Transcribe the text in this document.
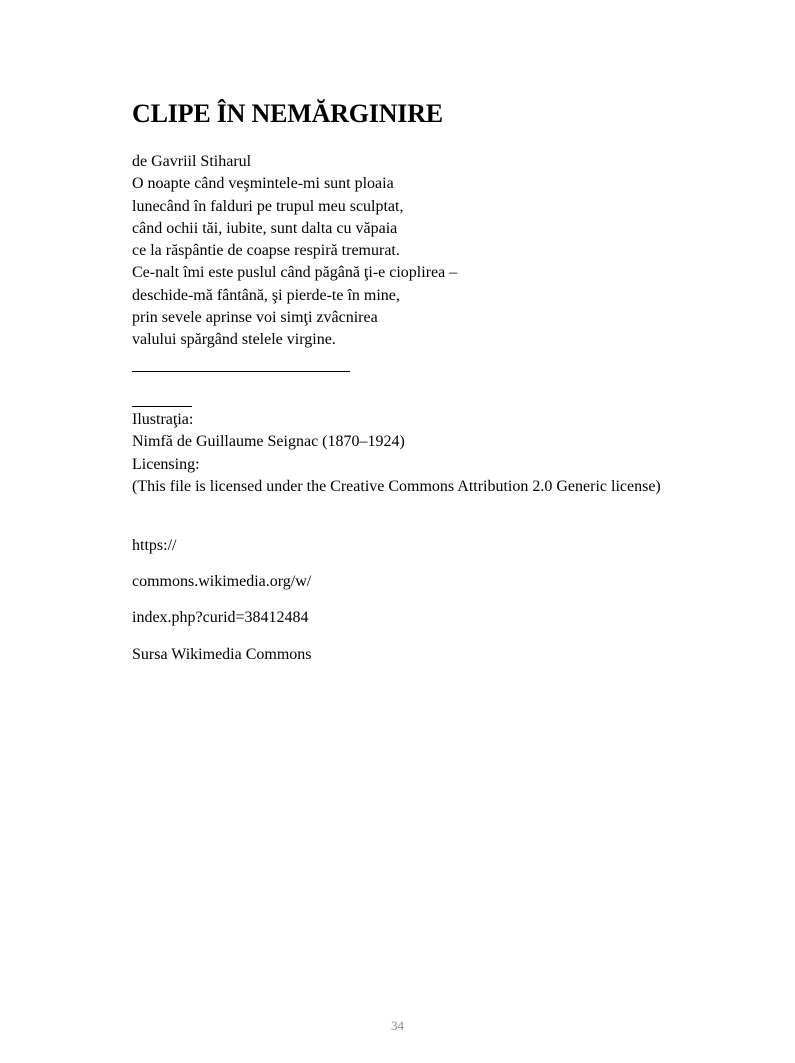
CLIPE ÎN NEMĂRGINIRE
de Gavriil Stiharul
O noapte când veşmintele-mi sunt ploaia
lunecând în falduri pe trupul meu sculptat,
când ochii tăi, iubite, sunt dalta cu văpaia
ce la răspântie de coapse respiră tremurat.
Ce-nalt îmi este puslul când păgână ţi-e cioplirea –
deschide-mă fântână, şi pierde-te în mine,
prin sevele aprinse voi simţi zvâcnirea
valului spărgând stelele virgine.
Ilustraţia:
Nimfă de Guillaume Seignac (1870–1924)
Licensing:
(This file is licensed under the Creative Commons Attribution 2.0 Generic license)
https://
commons.wikimedia.org/w/
index.php?curid=38412484
Sursa Wikimedia Commons
34
